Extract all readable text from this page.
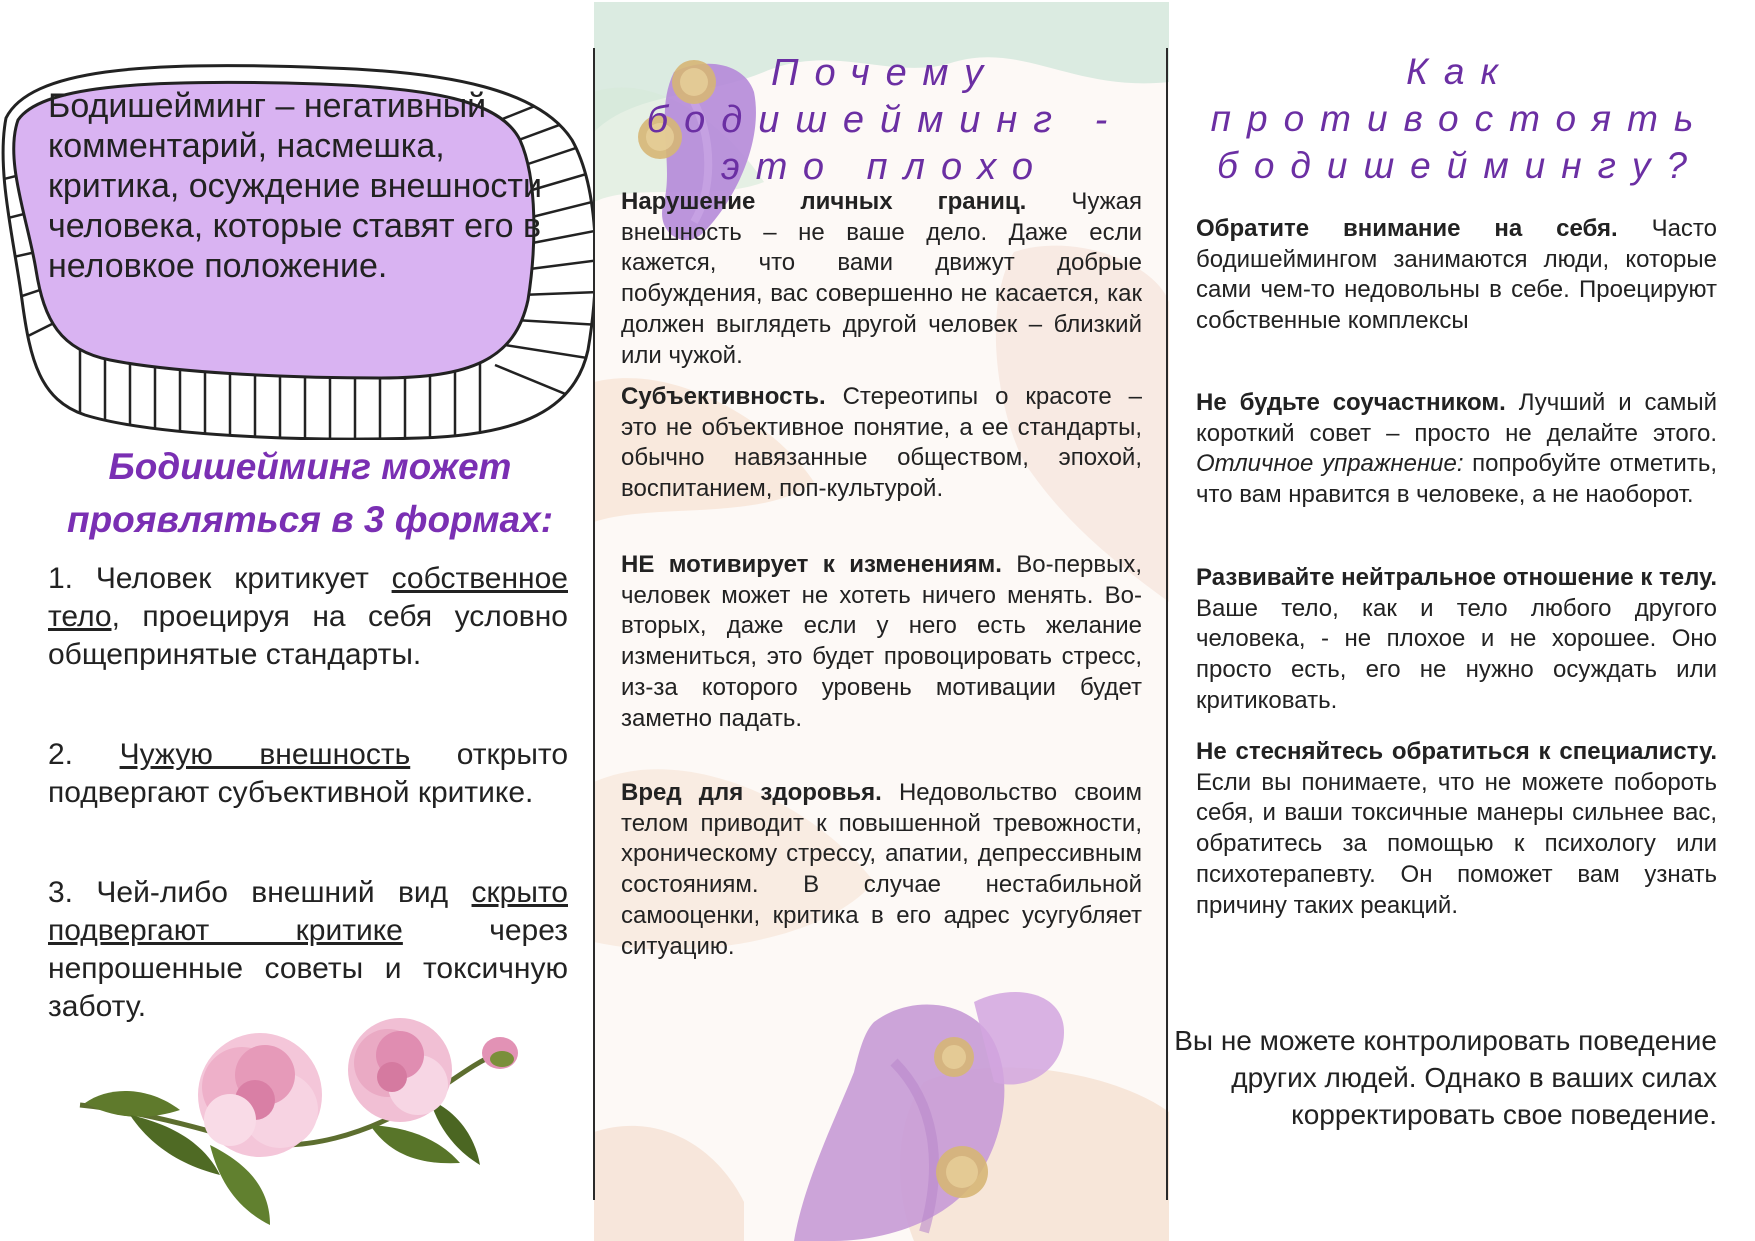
Бодишейминг – негативный комментарий, насмешка, критика, осуждение внешности человека, которые ставят его в неловкое положение.
Бодишейминг может проявляться в 3 формах:
1. Человек критикует собственное тело, проецируя на себя условно общепринятые стандарты.
2. Чужую внешность открыто подвергают субъективной критике.
3. Чей-либо внешний вид скрыто подвергают критике через непрошенные советы и токсичную заботу.
Почему бодишейминг - это плохо
Нарушение личных границ. Чужая внешность – не ваше дело. Даже если кажется, что вами движут добрые побуждения, вас совершенно не касается, как должен выглядеть другой человек – близкий или чужой.
Субъективность. Стереотипы о красоте – это не объективное понятие, а ее стандарты, обычно навязанные обществом, эпохой, воспитанием, поп-культурой.
НЕ мотивирует к изменениям. Во-первых, человек может не хотеть ничего менять. Во-вторых, даже если у него есть желание измениться, это будет провоцировать стресс, из-за которого уровень мотивации будет заметно падать.
Вред для здоровья. Недовольство своим телом приводит к повышенной тревожности, хроническому стрессу, апатии, депрессивным состояниям. В случае нестабильной самооценки, критика в его адрес усугубляет ситуацию.
Как противостоять бодишеймингу?
Обратите внимание на себя. Часто бодишеймингом занимаются люди, которые сами чем-то недовольны в себе. Проецируют собственные комплексы
Не будьте соучастником. Лучший и самый короткий совет – просто не делайте этого. Отличное упражнение: попробуйте отметить, что вам нравится в человеке, а не наоборот.
Развивайте нейтральное отношение к телу. Ваше тело, как и тело любого другого человека, - не плохое и не хорошее. Оно просто есть, его не нужно осуждать или критиковать.
Не стесняйтесь обратиться к специалисту. Если вы понимаете, что не можете побороть себя, и ваши токсичные манеры сильнее вас, обратитесь за помощью к психологу или психотерапевту. Он поможет вам узнать причину таких реакций.
Вы не можете контролировать поведение других людей. Однако в ваших силах корректировать свое поведение.
